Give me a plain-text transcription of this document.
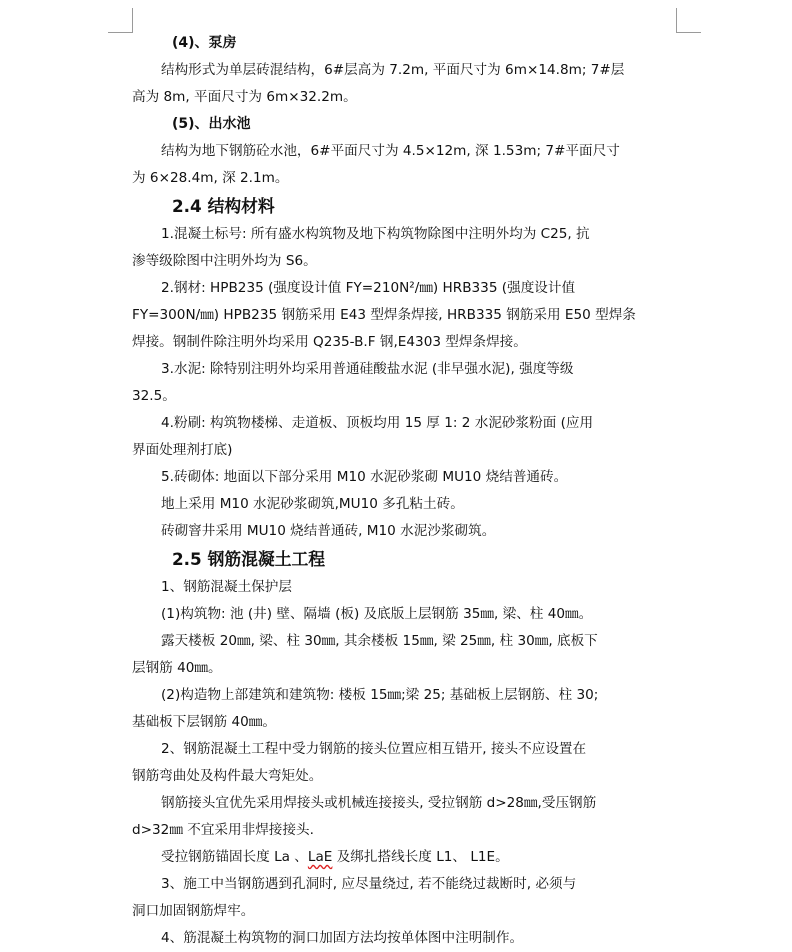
(4)、泵房
结构形式为单层砖混结构，6#层高为 7.2m, 平面尺寸为 6m×14.8m; 7#层
高为 8m, 平面尺寸为 6m×32.2m。
(5)、出水池
结构为地下钢筋砼水池，6#平面尺寸为 4.5×12m, 深 1.53m; 7#平面尺寸
为 6×28.4m, 深 2.1m。
2.4 结构材料
1.混凝土标号: 所有盛水构筑物及地下构筑物除图中注明外均为 C25, 抗
渗等级除图中注明外均为 S6。
2.钢材: HPB235 (强度设计值 FY=210N²/㎜) HRB335 (强度设计值
FY=300N/㎜) HPB235 钢筋采用 E43 型焊条焊接, HRB335 钢筋采用 E50 型焊条
焊接。钢制件除注明外均采用 Q235-B.F 钢,E4303 型焊条焊接。
3.水泥: 除特别注明外均采用普通硅酸盐水泥 (非早强水泥), 强度等级
32.5。
4.粉刷: 构筑物楼梯、走道板、顶板均用 15 厚 1: 2 水泥砂浆粉面 (应用
界面处理剂打底)
5.砖砌体: 地面以下部分采用 M10 水泥砂浆砌 MU10 烧结普通砖。
地上采用 M10 水泥砂浆砌筑,MU10 多孔粘土砖。
砖砌窨井采用 MU10 烧结普通砖, M10 水泥沙浆砌筑。
2.5 钢筋混凝土工程
1、钢筋混凝土保护层
(1)构筑物: 池 (井) 壁、隔墙 (板) 及底版上层钢筋 35㎜, 梁、柱 40㎜。
露天楼板 20㎜, 梁、柱 30㎜, 其余楼板 15㎜, 梁 25㎜, 柱 30㎜, 底板下
层钢筋 40㎜。
(2)构造物上部建筑和建筑物: 楼板 15㎜;梁 25; 基础板上层钢筋、柱 30;
基础板下层钢筋 40㎜。
2、钢筋混凝土工程中受力钢筋的接头位置应相互错开, 接头不应设置在
钢筋弯曲处及构件最大弯矩处。
钢筋接头宜优先采用焊接头或机械连接接头, 受拉钢筋 d>28㎜,受压钢筋
d>32㎜ 不宜采用非焊接接头.
受拉钢筋锚固长度 La 、LaE 及绑扎搭线长度 L1、 L1E。
3、施工中当钢筋遇到孔洞时, 应尽量绕过, 若不能绕过裁断时, 必须与
洞口加固钢筋焊牢。
4、筋混凝土构筑物的洞口加固方法均按单体图中注明制作。
